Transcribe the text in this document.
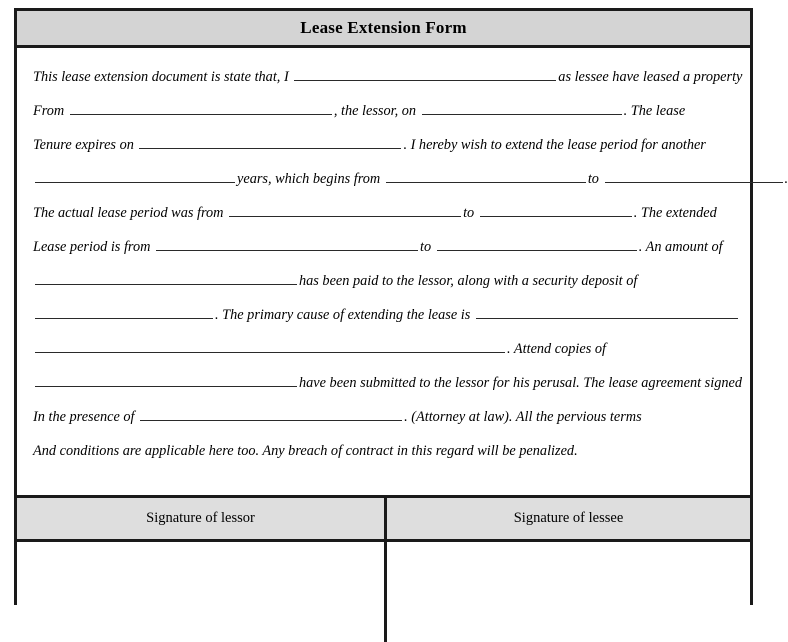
Lease Extension Form
This lease extension document is state that, I	as lessee have leased a property
From	, the lessor, on	. The lease
Tenure expires on	. I hereby wish to extend the lease period for another
years, which begins from	to	.
The actual lease period was from	to	. The extended
Lease period is from	to	. An amount of
has been paid to the lessor, along with a security deposit of
. The primary cause of extending the lease is
. Attend copies of
have been submitted to the lessor for his perusal. The lease agreement signed
In the presence of	. (Attorney at law). All the pervious terms
And conditions are applicable here too. Any breach of contract in this regard will be penalized.
Signature of lessor	Signature of lessee
